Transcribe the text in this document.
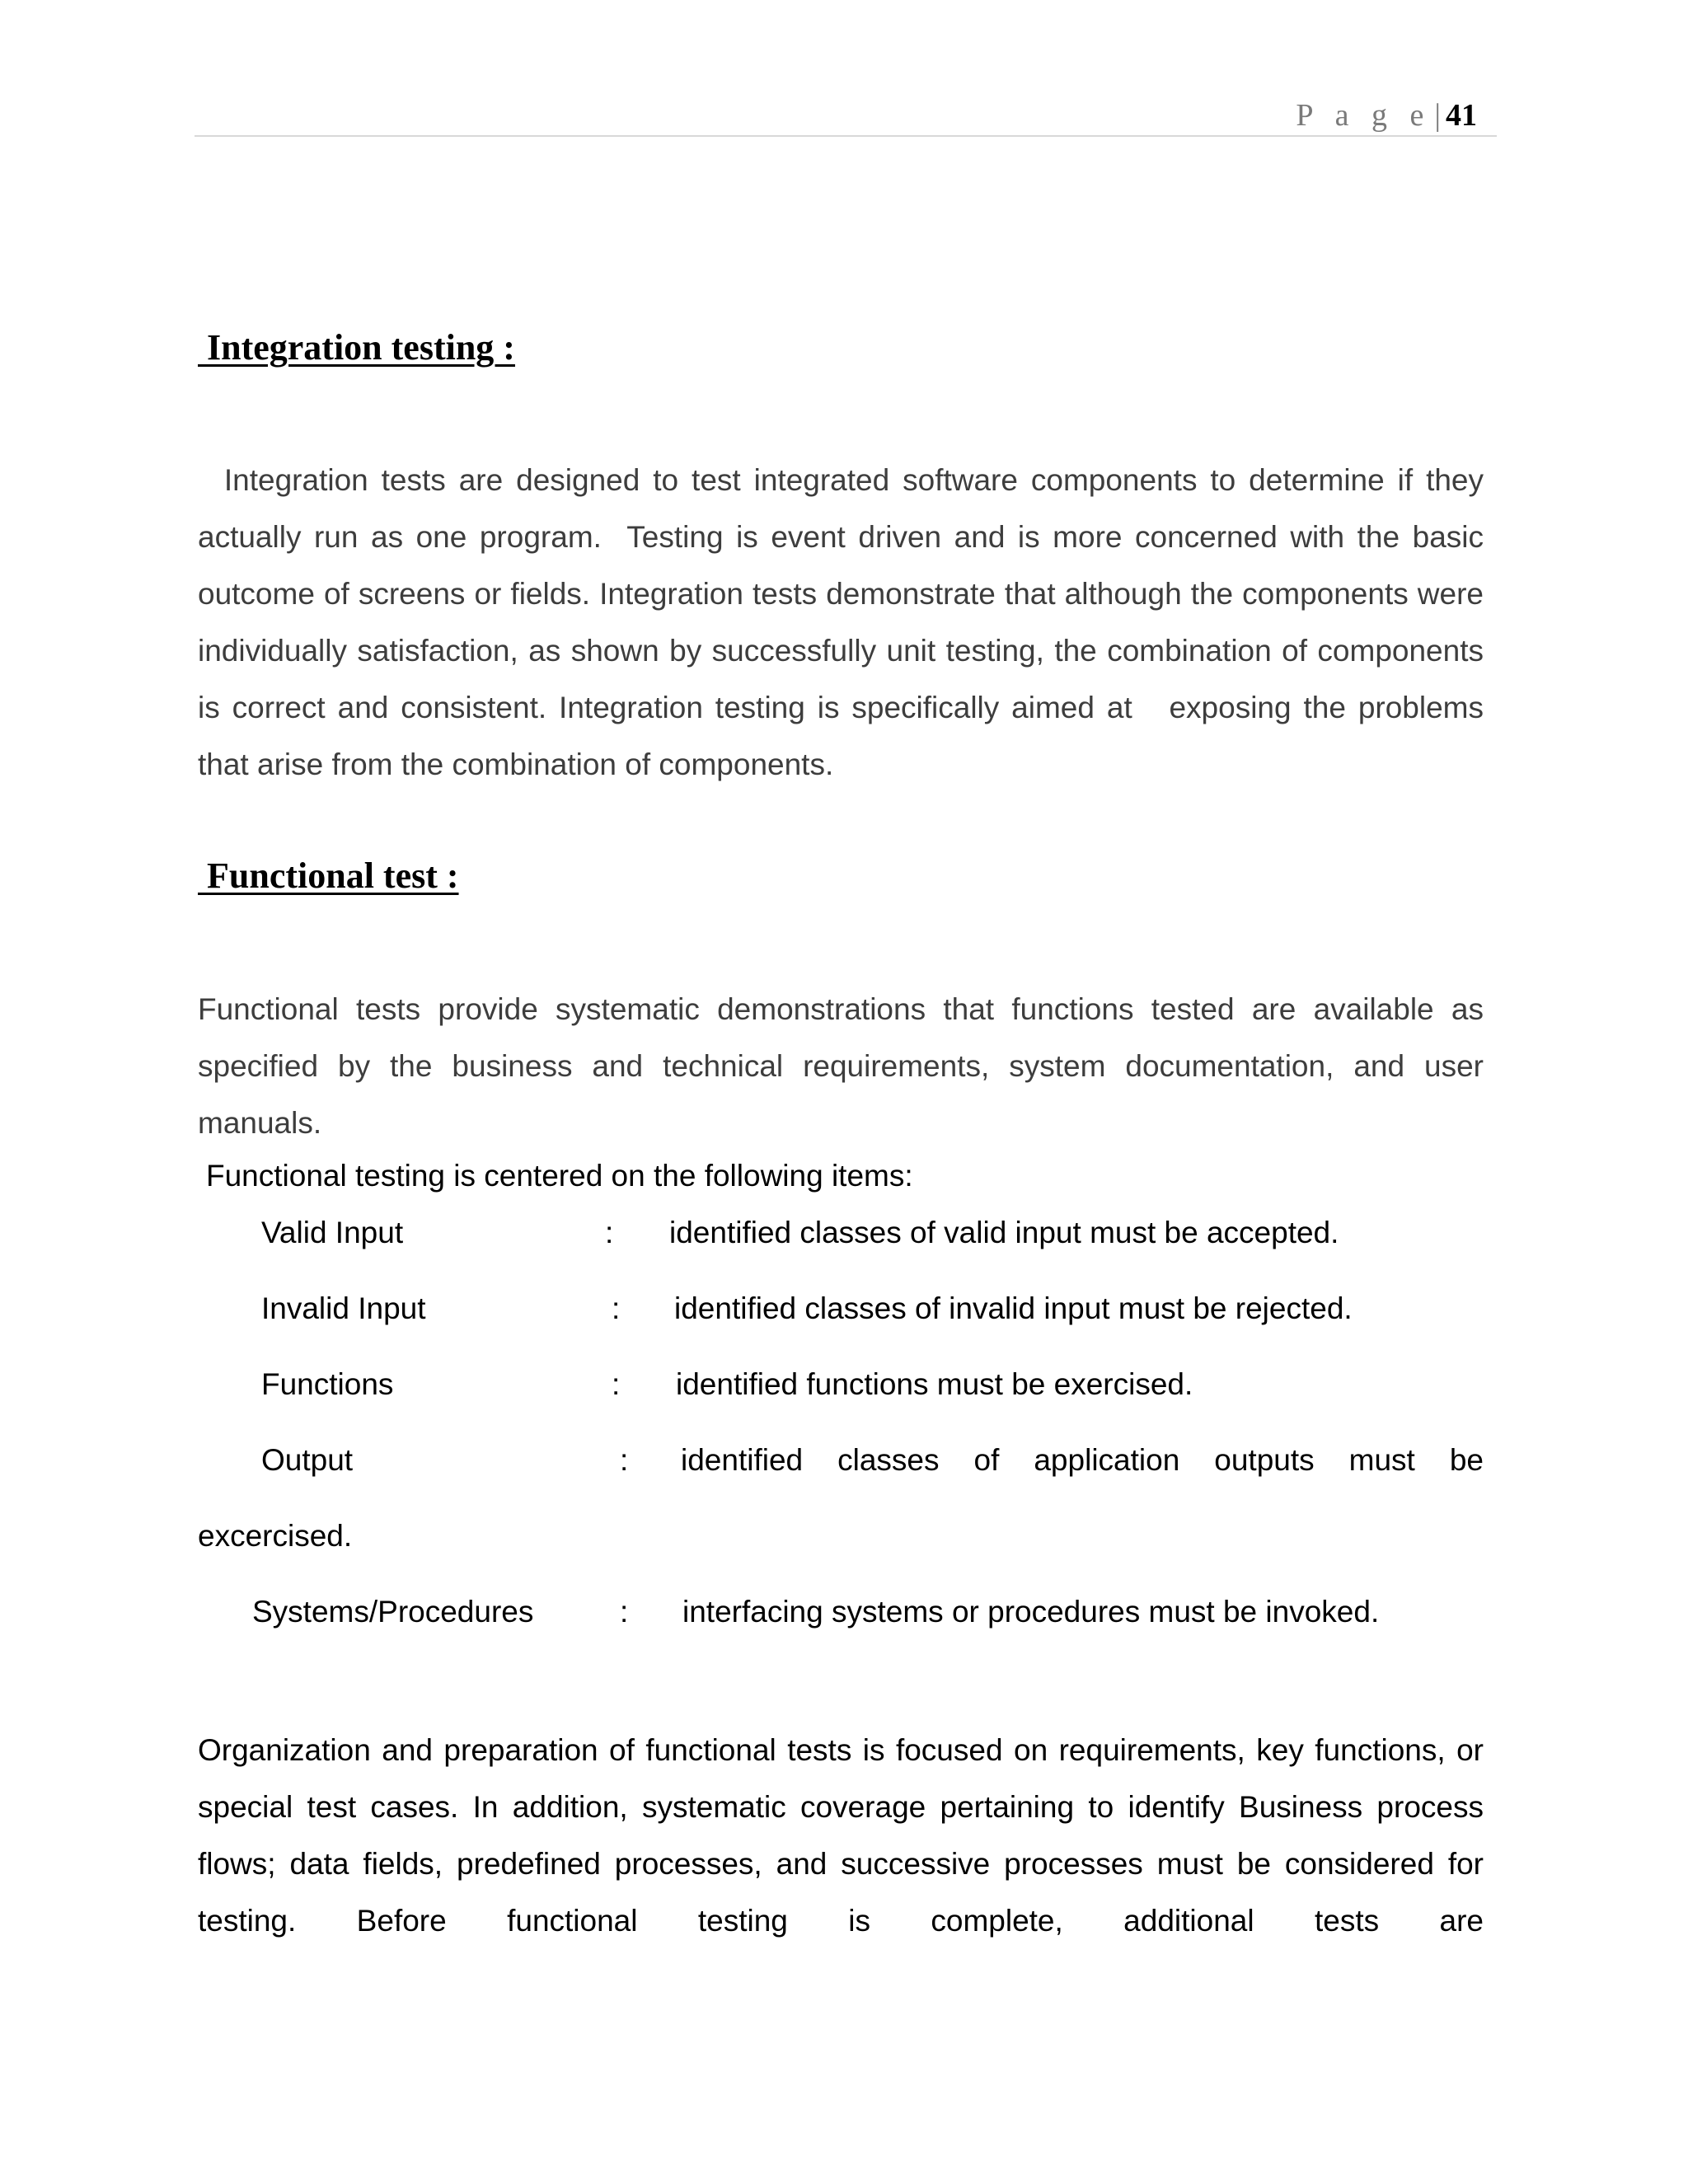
P a g e | 41
Integration testing :

Integration tests are designed to test integrated software components to determine if they actually run as one program.  Testing is event driven and is more concerned with the basic outcome of screens or fields. Integration tests demonstrate that although the components were individually satisfaction, as shown by successfully unit testing, the combination of components is correct and consistent. Integration testing is specifically aimed at   exposing the problems that arise from the combination of components.

Functional test :

Functional tests provide systematic demonstrations that functions tested are available as specified by the business and technical requirements, system documentation, and user manuals.

Functional testing is centered on the following items:

Valid Input	: identified classes of valid input must be accepted.
Invalid Input	: identified classes of invalid input must be rejected.
Functions	: identified functions must be exercised.
Output	: identified classes of application outputs must be
excercised.
Systems/Procedures	: interfacing systems or procedures must be invoked.

Organization and preparation of functional tests is focused on requirements, key functions, or special test cases. In addition, systematic coverage pertaining to identify Business process flows; data fields, predefined processes, and successive processes must be considered for testing. Before functional testing is complete, additional tests are
